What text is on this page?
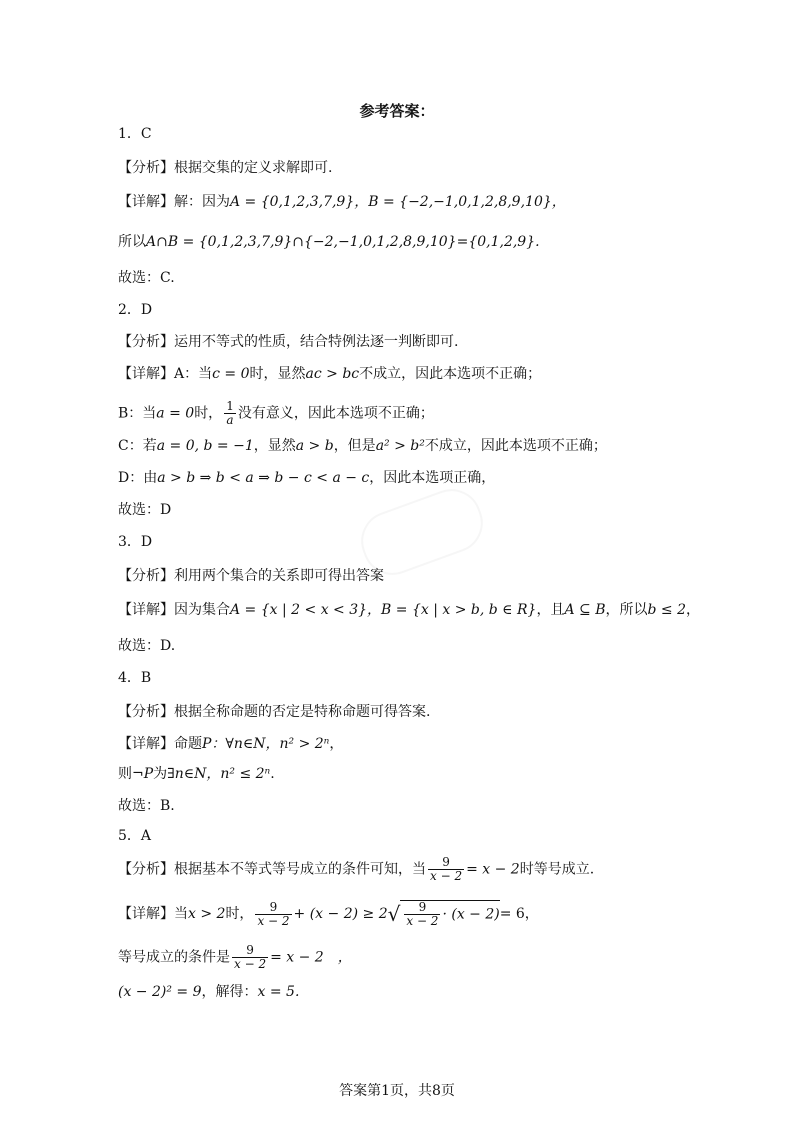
参考答案：
1．C
【分析】根据交集的定义求解即可.
【详解】解：因为A = {0,1,2,3,7,9}，B = {−2,−1,0,1,2,8,9,10}，
所以A∩B = {0,1,2,3,7,9}∩{−2,−1,0,1,2,8,9,10}={0,1,2,9}.
故选：C.
2．D
【分析】运用不等式的性质，结合特例法逐一判断即可.
【详解】A：当c = 0时，显然ac > bc不成立，因此本选项不正确；
B：当a = 0时， $\frac{1}{a}$ 没有意义，因此本选项不正确；
C：若a = 0, b = −1，显然a > b，但是a² > b²不成立，因此本选项不正确；
D：由a > b ⇒ b < a ⇒ b − c < a − c，因此本选项正确，
故选：D
3．D
【分析】利用两个集合的关系即可得出答案
【详解】因为集合A = {x | 2 < x < 3}，B = {x | x > b, b ∈ R}，且A ⊆ B，所以b ≤ 2，
故选：D.
4．B
【分析】根据全称命题的否定是特称命题可得答案.
【详解】命题P：∀n∈N，n² > 2ⁿ，
则¬P为∃n∈N，n² ≤ 2ⁿ.
故选：B.
5．A
【分析】根据基本不等式等号成立的条件可知，当 $\frac{9}{x - 2} = x - 2$时等号成立.
【详解】当x > 2时， $\frac{9}{x - 2} + (x - 2) \ge 2√ \frac{9}{x - 2} \cdot (x - 2)= 6$，
等号成立的条件是 $\frac{9}{x - 2} = x - 2$　，
(x − 2)² = 9，解得：x = 5.
答案第1页，共8页
